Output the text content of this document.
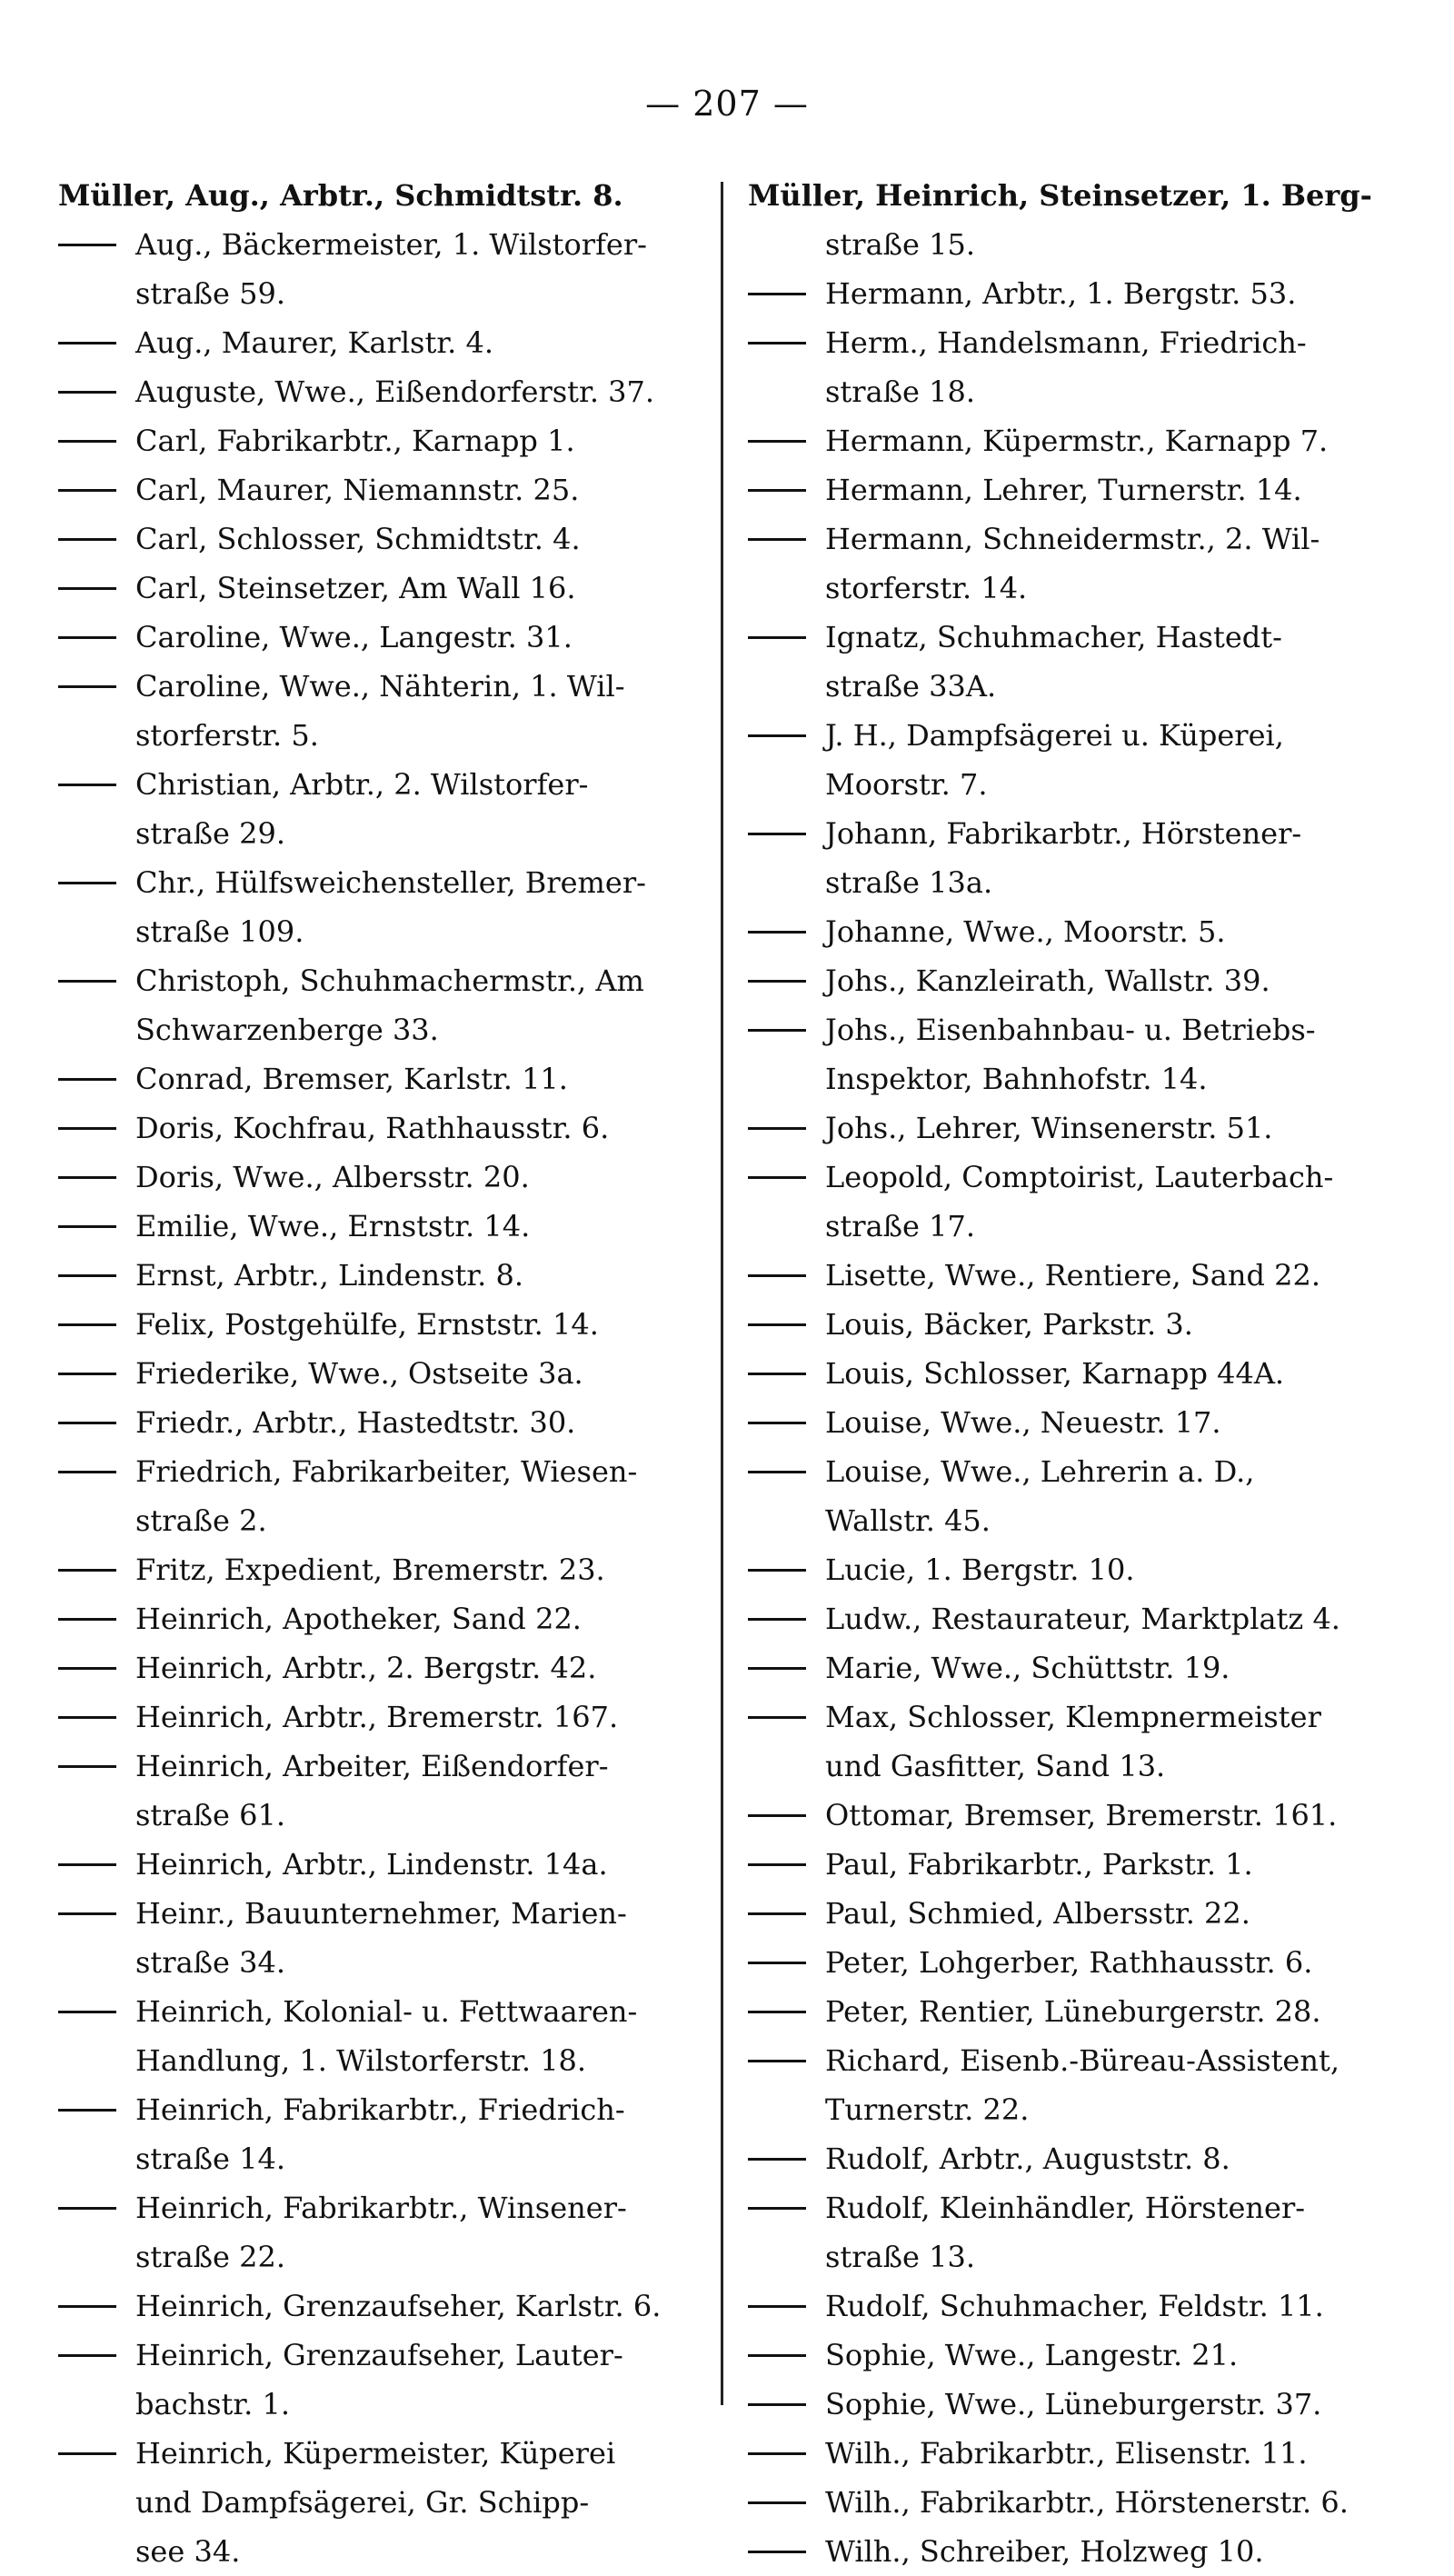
— 207 —
Müller, Aug., Arbtr., Schmidtstr. 8.
Aug., Bäckermeister, 1. Wilstorfer-
straße 59.
Aug., Maurer, Karlstr. 4.
Auguste, Wwe., Eißendorferstr. 37.
Carl, Fabrikarbtr., Karnapp 1.
Carl, Maurer, Niemannstr. 25.
Carl, Schlosser, Schmidtstr. 4.
Carl, Steinsetzer, Am Wall 16.
Caroline, Wwe., Langestr. 31.
Caroline, Wwe., Nähterin, 1. Wil-
storferstr. 5.
Christian, Arbtr., 2. Wilstorfer-
straße 29.
Chr., Hülfsweichensteller, Bremer-
straße 109.
Christoph, Schuhmachermstr., Am
Schwarzenberge 33.
Conrad, Bremser, Karlstr. 11.
Doris, Kochfrau, Rathhausstr. 6.
Doris, Wwe., Albersstr. 20.
Emilie, Wwe., Ernststr. 14.
Ernst, Arbtr., Lindenstr. 8.
Felix, Postgehülfe, Ernststr. 14.
Friederike, Wwe., Ostseite 3a.
Friedr., Arbtr., Hastedtstr. 30.
Friedrich, Fabrikarbeiter, Wiesen-
straße 2.
Fritz, Expedient, Bremerstr. 23.
Heinrich, Apotheker, Sand 22.
Heinrich, Arbtr., 2. Bergstr. 42.
Heinrich, Arbtr., Bremerstr. 167.
Heinrich, Arbeiter, Eißendorfer-
straße 61.
Heinrich, Arbtr., Lindenstr. 14a.
Heinr., Bauunternehmer, Marien-
straße 34.
Heinrich, Kolonial- u. Fettwaaren-
Handlung, 1. Wilstorferstr. 18.
Heinrich, Fabrikarbtr., Friedrich-
straße 14.
Heinrich, Fabrikarbtr., Winsener-
straße 22.
Heinrich, Grenzaufseher, Karlstr. 6.
Heinrich, Grenzaufseher, Lauter-
bachstr. 1.
Heinrich, Küpermeister, Küperei
und Dampfsägerei, Gr. Schipp-
see 34.
Müller, Heinrich, Steinsetzer, 1. Berg-
straße 15.
Hermann, Arbtr., 1. Bergstr. 53.
Herm., Handelsmann, Friedrich-
straße 18.
Hermann, Küpermstr., Karnapp 7.
Hermann, Lehrer, Turnerstr. 14.
Hermann, Schneidermstr., 2. Wil-
storferstr. 14.
Ignatz, Schuhmacher, Hastedt-
straße 33A.
J. H., Dampfsägerei u. Küperei,
Moorstr. 7.
Johann, Fabrikarbtr., Hörstener-
straße 13a.
Johanne, Wwe., Moorstr. 5.
Johs., Kanzleirath, Wallstr. 39.
Johs., Eisenbahnbau- u. Betriebs-
Inspektor, Bahnhofstr. 14.
Johs., Lehrer, Winsenerstr. 51.
Leopold, Comptoirist, Lauterbach-
straße 17.
Lisette, Wwe., Rentiere, Sand 22.
Louis, Bäcker, Parkstr. 3.
Louis, Schlosser, Karnapp 44A.
Louise, Wwe., Neuestr. 17.
Louise, Wwe., Lehrerin a. D.,
Wallstr. 45.
Lucie, 1. Bergstr. 10.
Ludw., Restaurateur, Marktplatz 4.
Marie, Wwe., Schüttstr. 19.
Max, Schlosser, Klempnermeister
und Gasfitter, Sand 13.
Ottomar, Bremser, Bremerstr. 161.
Paul, Fabrikarbtr., Parkstr. 1.
Paul, Schmied, Albersstr. 22.
Peter, Lohgerber, Rathhausstr. 6.
Peter, Rentier, Lüneburgerstr. 28.
Richard, Eisenb.-Büreau-Assistent,
Turnerstr. 22.
Rudolf, Arbtr., Auguststr. 8.
Rudolf, Kleinhändler, Hörstener-
straße 13.
Rudolf, Schuhmacher, Feldstr. 11.
Sophie, Wwe., Langestr. 21.
Sophie, Wwe., Lüneburgerstr. 37.
Wilh., Fabrikarbtr., Elisenstr. 11.
Wilh., Fabrikarbtr., Hörstenerstr. 6.
Wilh., Schreiber, Holzweg 10.
